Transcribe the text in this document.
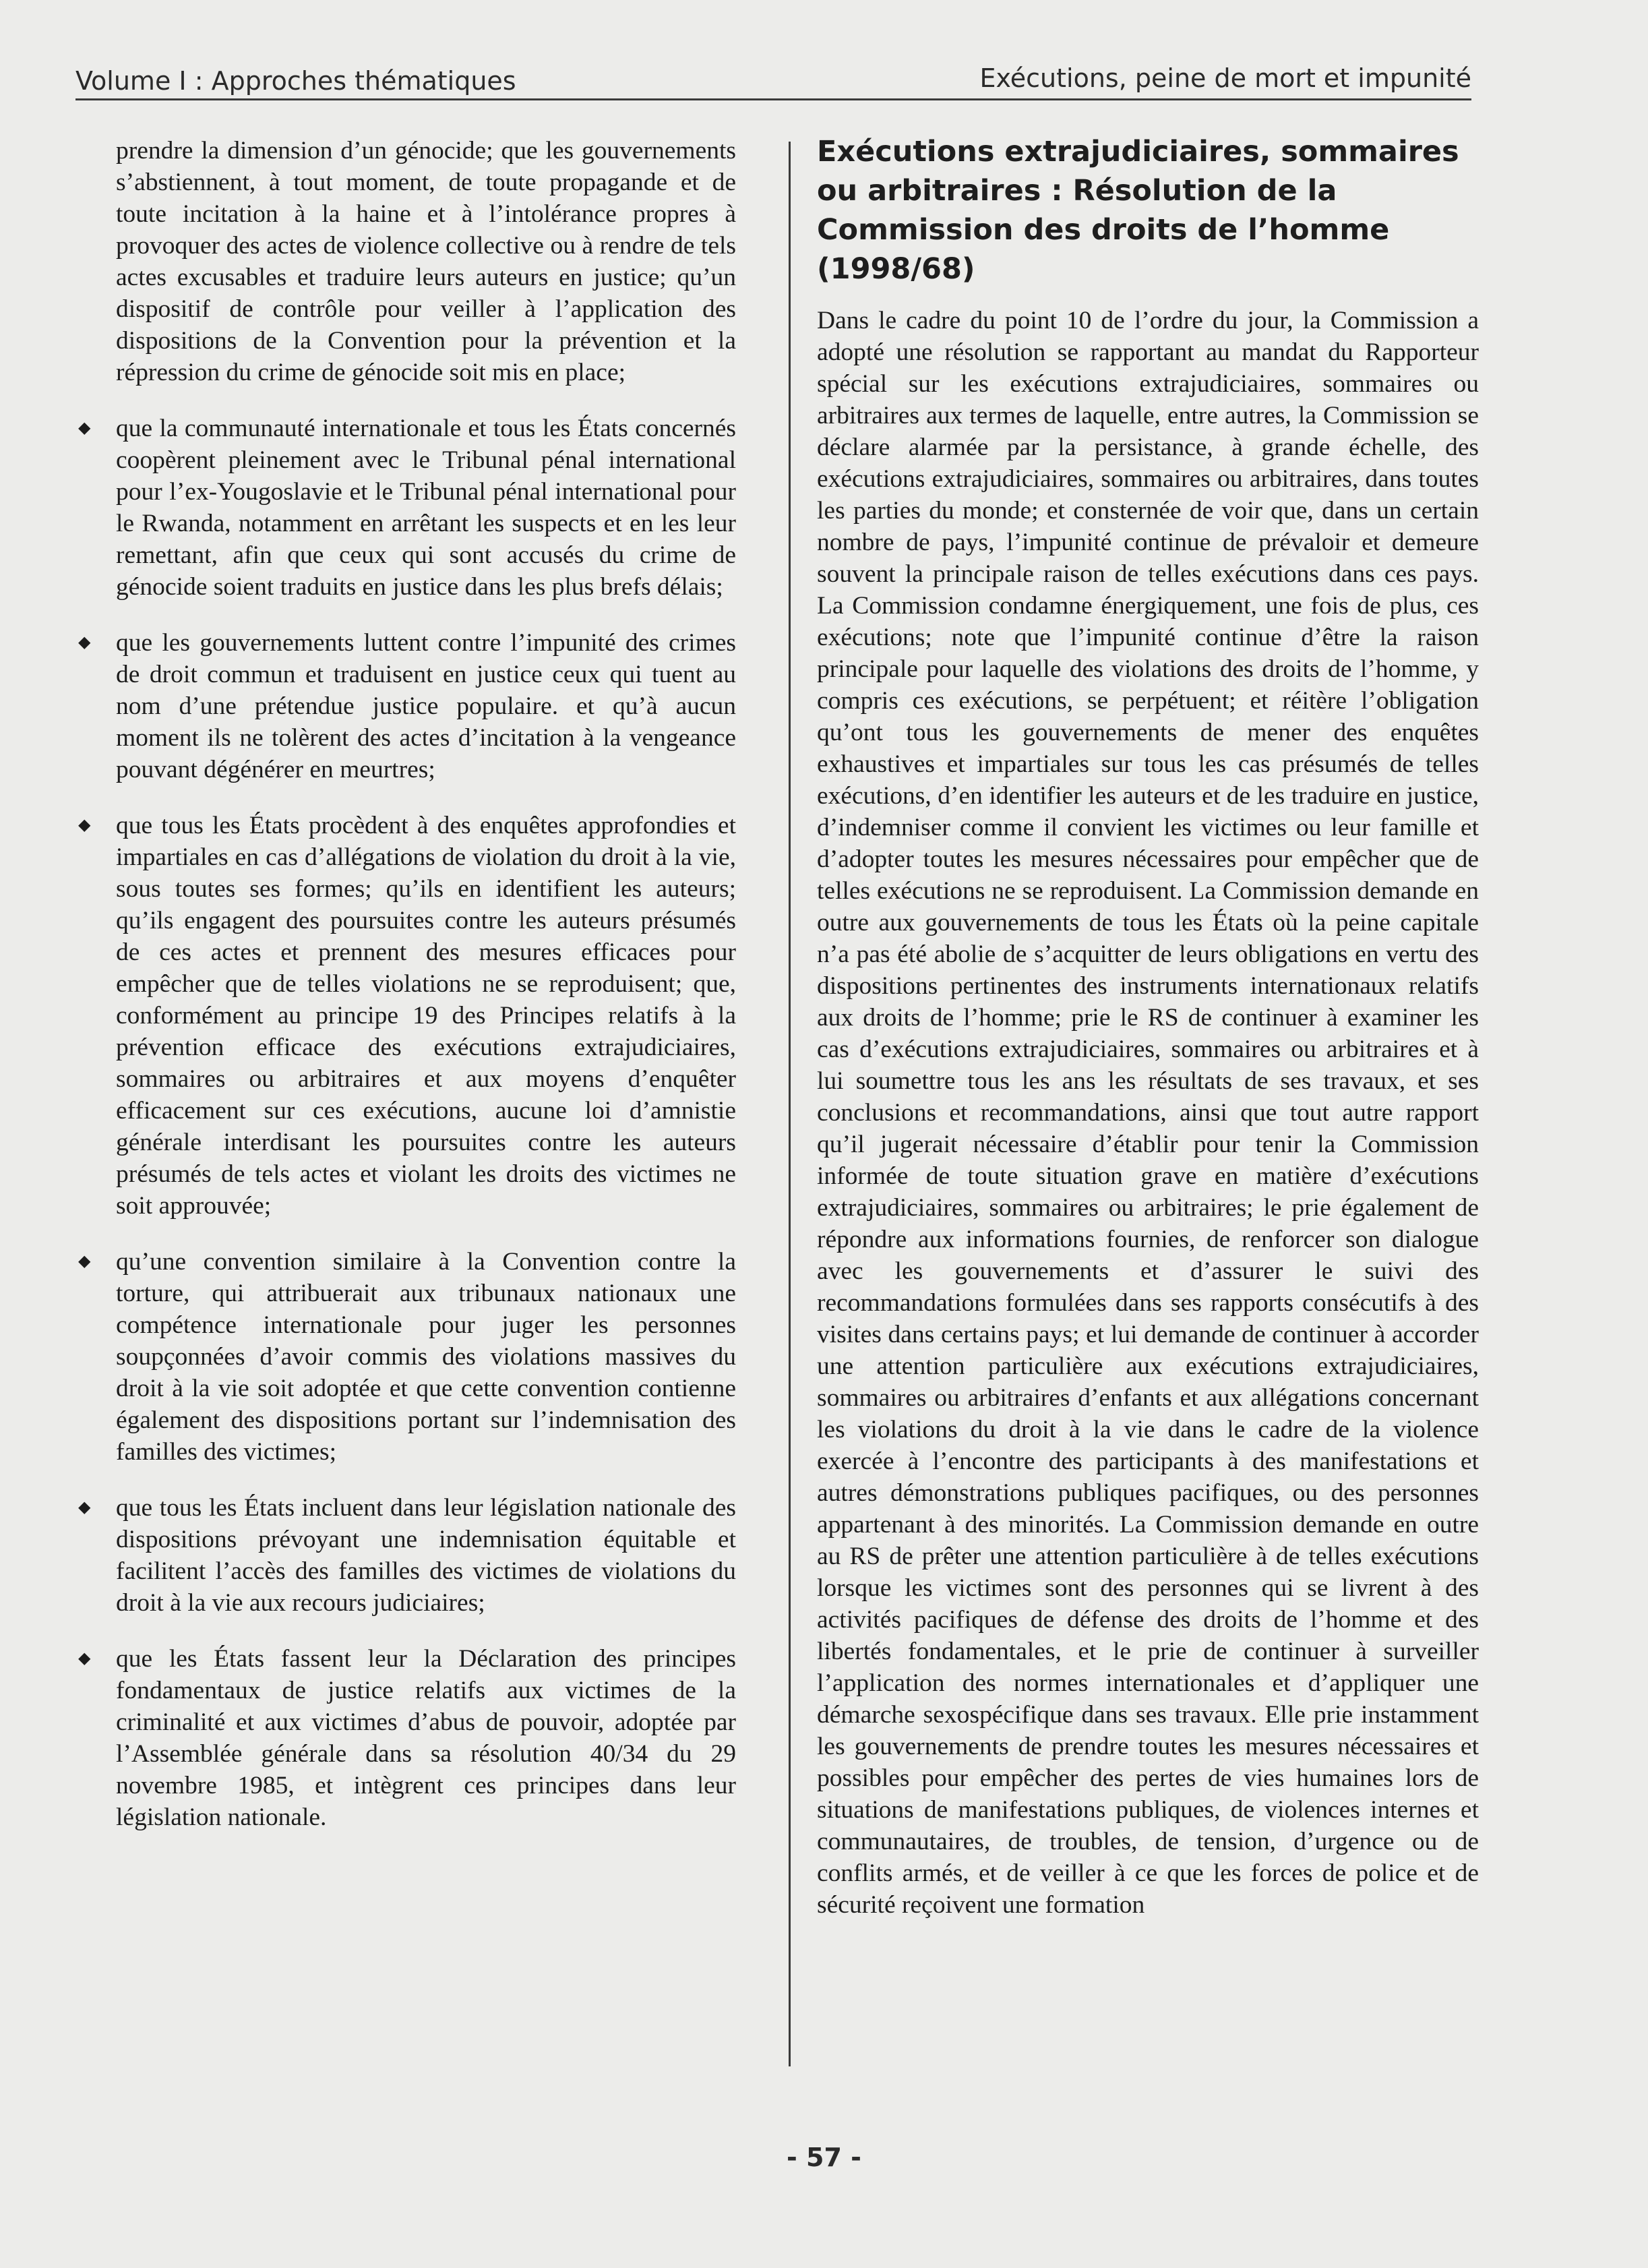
Volume I : Approches thématiques	Exécutions, peine de mort et impunité

prendre la dimension d’un génocide; que les gouvernements s’abstiennent, à tout moment, de toute propagande et de toute incitation à la haine et à l’intolérance propres à provoquer des actes de violence collective ou à rendre de tels actes excusables et traduire leurs auteurs en justice; qu’un dispositif de contrôle pour veiller à l’application des dispositions de la Convention pour la prévention et la répression du crime de génocide soit mis en place;

◆ que la communauté internationale et tous les États concernés coopèrent pleinement avec le Tribunal pénal international pour l’ex-Yougoslavie et le Tribunal pénal international pour le Rwanda, notamment en arrêtant les suspects et en les leur remettant, afin que ceux qui sont accusés du crime de génocide soient traduits en justice dans les plus brefs délais;
◆ que les gouvernements luttent contre l’impunité des crimes de droit commun et traduisent en justice ceux qui tuent au nom d’une prétendue justice populaire. et qu’à aucun moment ils ne tolèrent des actes d’incitation à la vengeance pouvant dégénérer en meurtres;
◆ que tous les États procèdent à des enquêtes approfondies et impartiales en cas d’allégations de violation du droit à la vie, sous toutes ses formes; qu’ils en identifient les auteurs; qu’ils engagent des poursuites contre les auteurs présumés de ces actes et prennent des mesures efficaces pour empêcher que de telles violations ne se reproduisent; que, conformément au principe 19 des Principes relatifs à la prévention efficace des exécutions extrajudiciaires, sommaires ou arbitraires et aux moyens d’enquêter efficacement sur ces exécutions, aucune loi d’amnistie générale interdisant les poursuites contre les auteurs présumés de tels actes et violant les droits des victimes ne soit approuvée;
◆ qu’une convention similaire à la Convention contre la torture, qui attribuerait aux tribunaux nationaux une compétence internationale pour juger les personnes soupçonnées d’avoir commis des violations massives du droit à la vie soit adoptée et que cette convention contienne également des dispositions portant sur l’indemnisation des familles des victimes;
◆ que tous les États incluent dans leur législation nationale des dispositions prévoyant une indemnisation équitable et facilitent l’accès des familles des victimes de violations du droit à la vie aux recours judiciaires;
◆ que les États fassent leur la Déclaration des principes fondamentaux de justice relatifs aux victimes de la criminalité et aux victimes d’abus de pouvoir, adoptée par l’Assemblée générale dans sa résolution 40/34 du 29 novembre 1985, et intègrent ces principes dans leur législation nationale.
Exécutions extrajudiciaires, sommaires ou arbitraires : Résolution de la Commission des droits de l’homme (1998/68)

Dans le cadre du point 10 de l’ordre du jour, la Commission a adopté une résolution se rapportant au mandat du Rapporteur spécial sur les exécutions extrajudiciaires, sommaires ou arbitraires aux termes de laquelle, entre autres, la Commission se déclare alarmée par la persistance, à grande échelle, des exécutions extrajudiciaires, sommaires ou arbitraires, dans toutes les parties du monde; et consternée de voir que, dans un certain nombre de pays, l’impunité continue de prévaloir et demeure souvent la principale raison de telles exécutions dans ces pays. La Commission condamne énergiquement, une fois de plus, ces exécutions; note que l’impunité continue d’être la raison principale pour laquelle des violations des droits de l’homme, y compris ces exécutions, se perpétuent; et réitère l’obligation qu’ont tous les gouvernements de mener des enquêtes exhaustives et impartiales sur tous les cas présumés de telles exécutions, d’en identifier les auteurs et de les traduire en justice, d’indemniser comme il convient les victimes ou leur famille et d’adopter toutes les mesures nécessaires pour empêcher que de telles exécutions ne se reproduisent. La Commission demande en outre aux gouvernements de tous les États où la peine capitale n’a pas été abolie de s’acquitter de leurs obligations en vertu des dispositions pertinentes des instruments internationaux relatifs aux droits de l’homme; prie le RS de continuer à examiner les cas d’exécutions extrajudiciaires, sommaires ou arbitraires et à lui soumettre tous les ans les résultats de ses travaux, et ses conclusions et recommandations, ainsi que tout autre rapport qu’il jugerait nécessaire d’établir pour tenir la Commission informée de toute situation grave en matière d’exécutions extrajudiciaires, sommaires ou arbitraires; le prie également de répondre aux informations fournies, de renforcer son dialogue avec les gouvernements et d’assurer le suivi des recommandations formulées dans ses rapports consécutifs à des visites dans certains pays; et lui demande de continuer à accorder une attention particulière aux exécutions extrajudiciaires, sommaires ou arbitraires d’enfants et aux allégations concernant les violations du droit à la vie dans le cadre de la violence exercée à l’encontre des participants à des manifestations et autres démonstrations publiques pacifiques, ou des personnes appartenant à des minorités. La Commission demande en outre au RS de prêter une attention particulière à de telles exécutions lorsque les victimes sont des personnes qui se livrent à des activités pacifiques de défense des droits de l’homme et des libertés fondamentales, et le prie de continuer à surveiller l’application des normes internationales et d’appliquer une démarche sexospécifique dans ses travaux. Elle prie instamment les gouvernements de prendre toutes les mesures nécessaires et possibles pour empêcher des pertes de vies humaines lors de situations de manifestations publiques, de violences internes et communautaires, de troubles, de tension, d’urgence ou de conflits armés, et de veiller à ce que les forces de police et de sécurité reçoivent une formation

- 57 -
